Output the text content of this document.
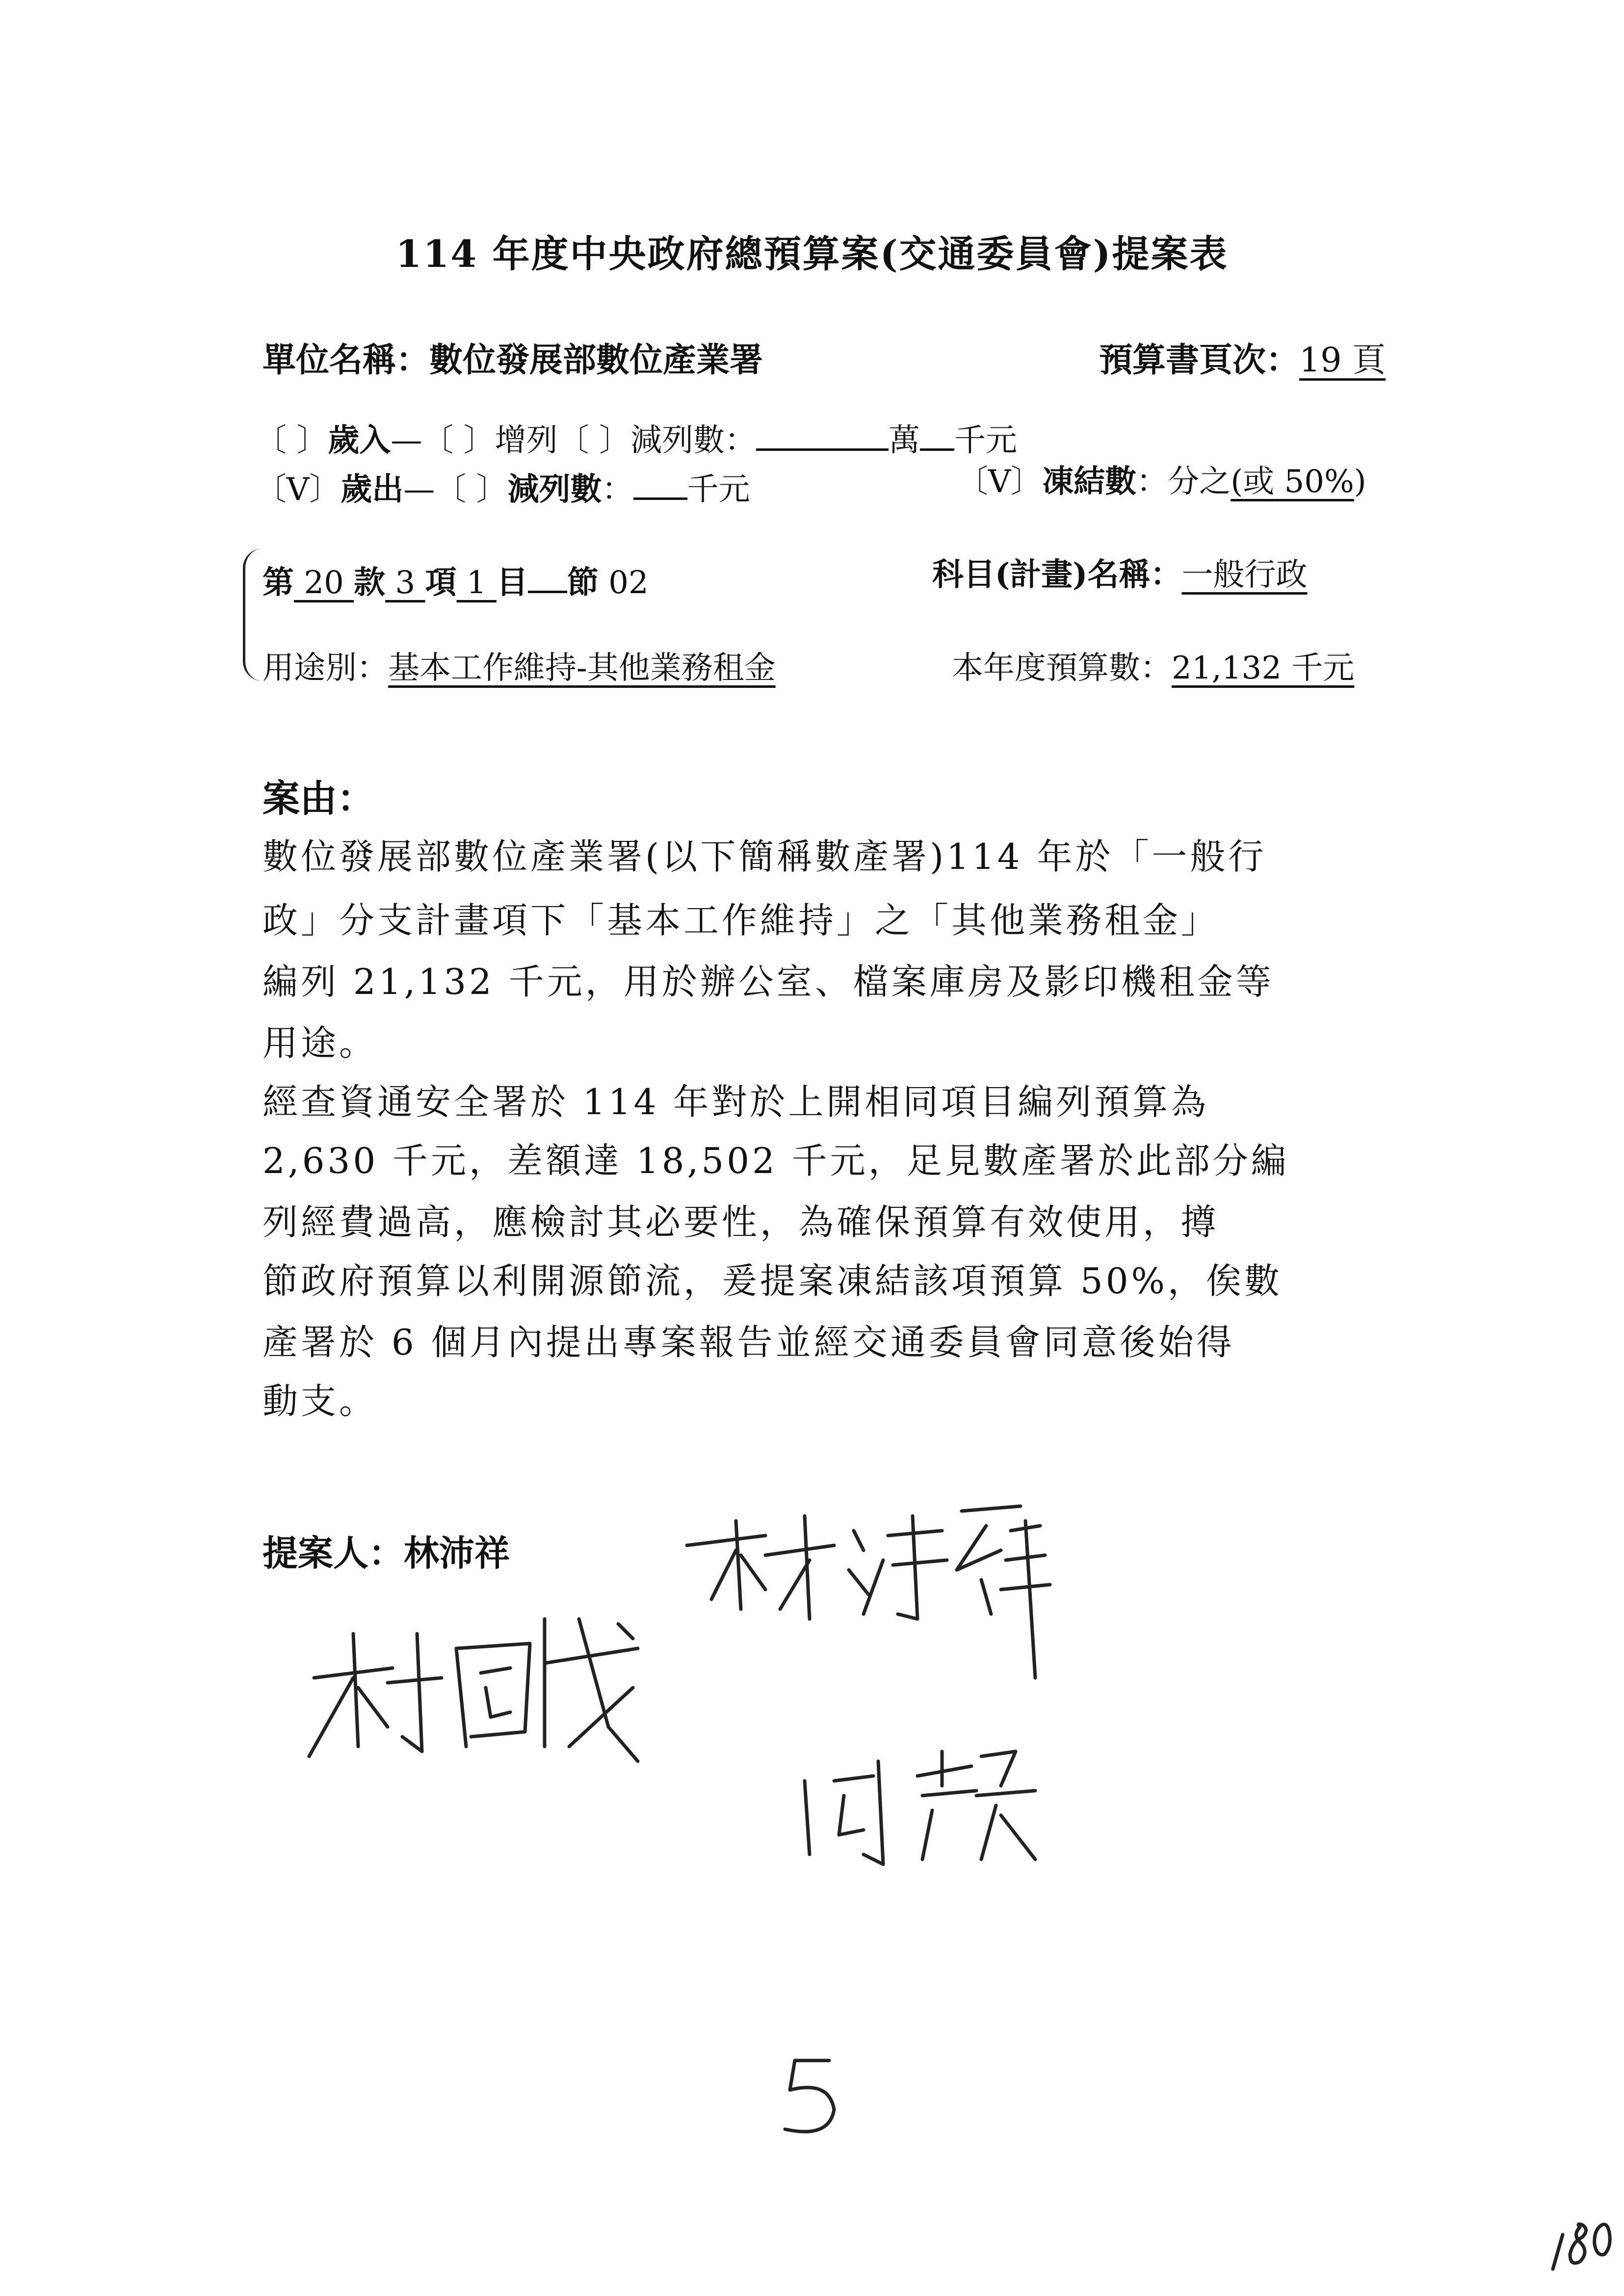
114 年度中央政府總預算案(交通委員會)提案表
單位名稱：數位發展部數位產業署	預算書頁次：19 頁
〔 〕歲入—〔 〕增列〔 〕減列數：	萬 千元
〔V〕歲出—〔 〕減列數： 千元	〔V〕凍結數：分之(或 50%)
第 20 款 3 項 1 目 節 02	科目(計畫)名稱：一般行政
用途別：基本工作維持-其他業務租金	本年度預算數：21,132 千元
案由：
數位發展部數位產業署(以下簡稱數產署)114 年於「一般行
政」分支計畫項下「基本工作維持」之「其他業務租金」
編列 21,132 千元，用於辦公室、檔案庫房及影印機租金等
用途。
經查資通安全署於 114 年對於上開相同項目編列預算為
2,630 千元，差額達 18,502 千元，足見數產署於此部分編
列經費過高，應檢討其必要性，為確保預算有效使用，撙
節政府預算以利開源節流，爰提案凍結該項預算 50%，俟數
產署於 6 個月內提出專案報告並經交通委員會同意後始得
動支。
提案人：林沛祥
